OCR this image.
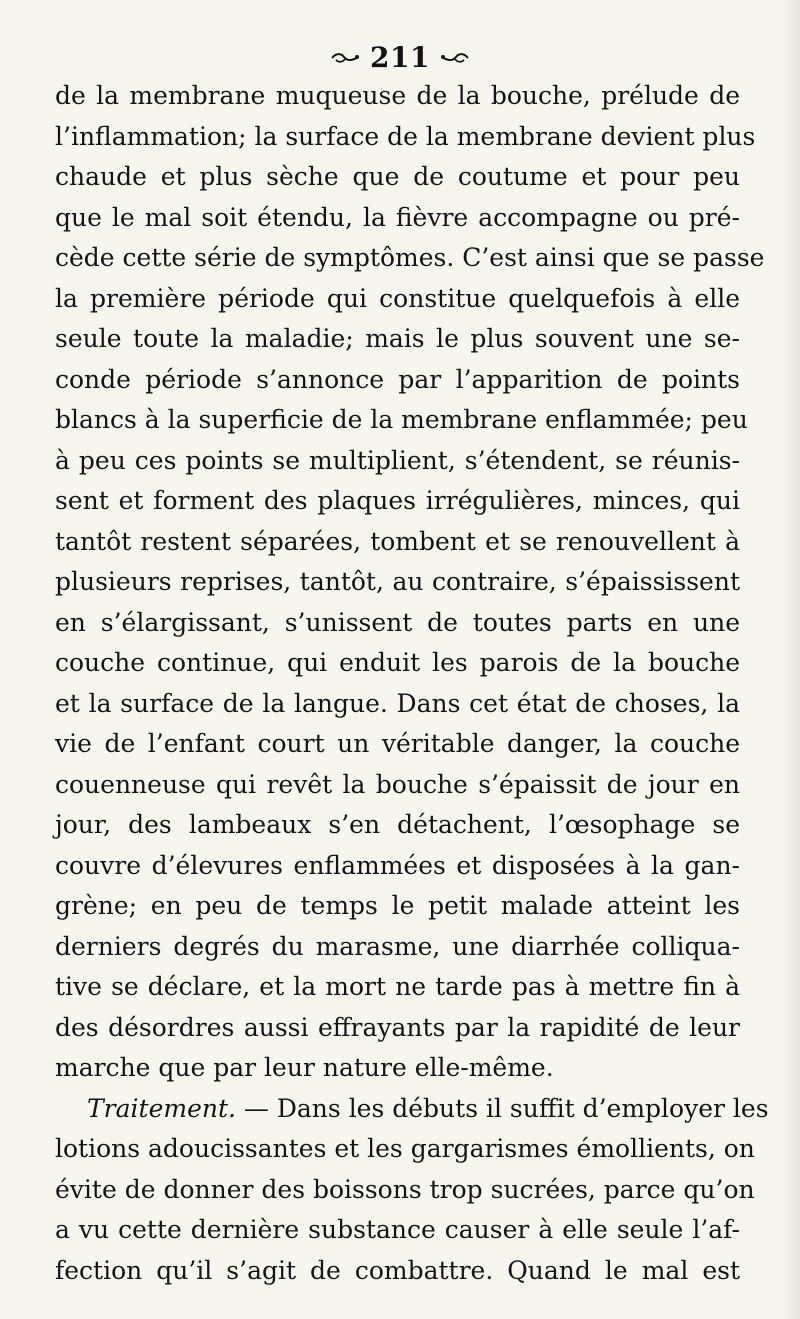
211
de la membrane muqueuse de la bouche, prélude de
l’inflammation; la surface de la membrane devient plus
chaude et plus sèche que de coutume et pour peu
que le mal soit étendu, la fièvre accompagne ou pré-
cède cette série de symptômes. C’est ainsi que se passe
la première période qui constitue quelquefois à elle
seule toute la maladie; mais le plus souvent une se-
conde période s’annonce par l’apparition de points
blancs à la superficie de la membrane enflammée; peu
à peu ces points se multiplient, s’étendent, se réunis-
sent et forment des plaques irrégulières, minces, qui
tantôt restent séparées, tombent et se renouvellent à
plusieurs reprises, tantôt, au contraire, s’épaississent
en s’élargissant, s’unissent de toutes parts en une
couche continue, qui enduit les parois de la bouche
et la surface de la langue. Dans cet état de choses, la
vie de l’enfant court un véritable danger, la couche
couenneuse qui revêt la bouche s’épaissit de jour en
jour, des lambeaux s’en détachent, l’œsophage se
couvre d’élevures enflammées et disposées à la gan-
grène; en peu de temps le petit malade atteint les
derniers degrés du marasme, une diarrhée colliqua-
tive se déclare, et la mort ne tarde pas à mettre fin à
des désordres aussi effrayants par la rapidité de leur
marche que par leur nature elle-même.
Traitement. — Dans les débuts il suffit d’employer les
lotions adoucissantes et les gargarismes émollients, on
évite de donner des boissons trop sucrées, parce qu’on
a vu cette dernière substance causer à elle seule l’af-
fection qu’il s’agit de combattre. Quand le mal est
